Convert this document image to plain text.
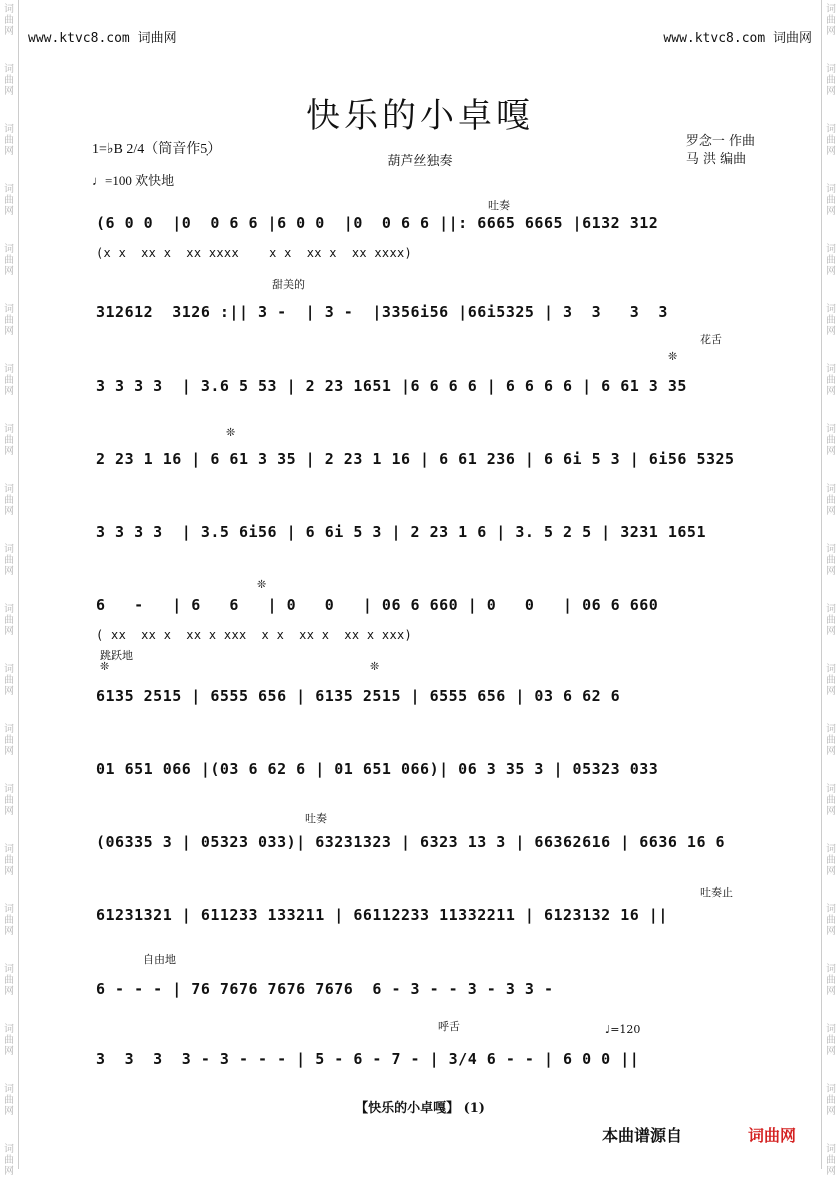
词
曲
网
词
曲
网
词
曲
网
词
曲
网
词
曲
网
词
曲
网
词
曲
网
词
曲
网
词
曲
网
词
曲
网
词
曲
网
词
曲
网
词
曲
网
词
曲
网
词
曲
网
词
曲
网
词
曲
网
词
曲
网
词
曲
网
词
曲
网
词
曲
网
词
曲
网
词
曲
网
词
曲
网
词
曲
网
词
曲
网
词
曲
网
词
曲
网
词
曲
网
词
曲
网
词
曲
网
词
曲
网
词
曲
网
词
曲
网
词
曲
网
词
曲
网
词
曲
网
词
曲
网
词
曲
网
词
曲
网
www.ktvc8.com 词曲网	www.ktvc8.com 词曲网
快乐的小卓嘎
1=♭B 2/4（筒音作5̣）
♩=100 欢快地
葫芦丝独奏
罗念一 作曲
马 洪 编曲
吐奏
甜美的
花舌
跳跃地
吐奏
吐奏止
自由地
呼舌	♩=120
❊
❊
❊
❊	❊
(6 0 0  |0  0 6 6 |6 0 0  |0  0 6 6 ||: 6665 6665 |6132 312
(x x  xx x  xx xxxx    x x  xx x  xx xxxx)
312612  3126 :|| 3 -  | 3 -  |3356i56 |66i5325 | 3  3   3  3
3 3 3 3  | 3.6 5 53 | 2 23 1651 |6 6 6 6 | 6 6 6 6 | 6 61 3 35
2 23 1 16 | 6 61 3 35 | 2 23 1 16 | 6 61 236 | 6 6i 5 3 | 6i56 5325
3 3 3 3  | 3.5 6i56 | 6 6i 5 3 | 2 23 1 6 | 3. 5 2 5 | 3231 1651
6   -   | 6   6   | 0   0   | 06 6 660 | 0   0   | 06 6 660
( xx  xx x  xx x xxx  x x  xx x  xx x xxx)
6135 2515 | 6555 656 | 6135 2515 | 6555 656 | 03 6 62 6
01 651 066 |(03 6 62 6 | 01 651 066)| 06 3 35 3 | 05323 033
(06335 3 | 05323 033)| 63231323 | 6323 13 3 | 66362616 | 6636 16 6
61231321 | 611233 133211 | 66112233 11332211 | 6123132 16 ||
6 - - - | 76 7676 7676 7676  6 - 3 - - 3 - 3 3 -
3  3  3  3 - 3 - - - | 5 - 6 - 7 - | 3/4 6 - - | 6 0 0 ||
【快乐的小卓嘎】 (1)
本曲谱源自	词曲网
